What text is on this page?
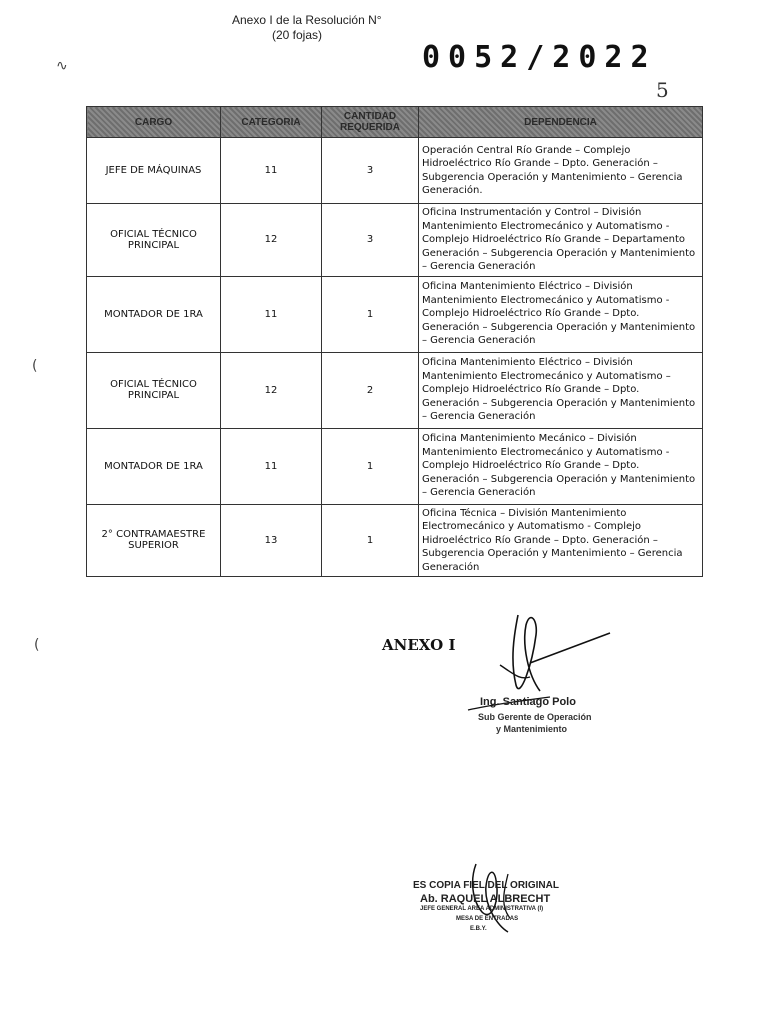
Anexo I de la Resolución N°
(20 fojas)
0052/2022
5
∿
(
(
CARGO	CATEGORIA	CANTIDAD REQUERIDA	DEPENDENCIA
JEFE DE MÁQUINAS	11	3	Operación Central Río Grande – Complejo Hidroeléctrico Río Grande – Dpto. Generación – Subgerencia Operación y Mantenimiento – Gerencia Generación.
OFICIAL TÉCNICO PRINCIPAL	12	3	Oficina Instrumentación y Control – División Mantenimiento Electromecánico y Automatismo - Complejo Hidroeléctrico Río Grande – Departamento Generación – Subgerencia Operación y Mantenimiento – Gerencia Generación
MONTADOR DE 1RA	11	1	Oficina Mantenimiento Eléctrico – División Mantenimiento Electromecánico y Automatismo - Complejo Hidroeléctrico Río Grande – Dpto. Generación – Subgerencia Operación y Mantenimiento – Gerencia Generación
OFICIAL TÉCNICO PRINCIPAL	12	2	Oficina Mantenimiento Eléctrico – División Mantenimiento Electromecánico y Automatismo – Complejo Hidroeléctrico Río Grande – Dpto. Generación – Subgerencia Operación y Mantenimiento – Gerencia Generación
MONTADOR DE 1RA	11	1	Oficina Mantenimiento Mecánico – División Mantenimiento Electromecánico y Automatismo - Complejo Hidroeléctrico Río Grande – Dpto. Generación – Subgerencia Operación y Mantenimiento – Gerencia Generación
2° CONTRAMAESTRE SUPERIOR	13	1	Oficina Técnica – División Mantenimiento Electromecánico y Automatismo - Complejo Hidroeléctrico Río Grande – Dpto. Generación – Subgerencia Operación y Mantenimiento – Gerencia Generación
ANEXO I
Ing. Santiago Polo
Sub Gerente de Operación
y Mantenimiento
ES COPIA FIEL DEL ORIGINAL
Ab. RAQUEL ALBRECHT
JEFE GENERAL AREA ADMINISTRATIVA (I)
MESA DE ENTRADAS
E.B.Y.
